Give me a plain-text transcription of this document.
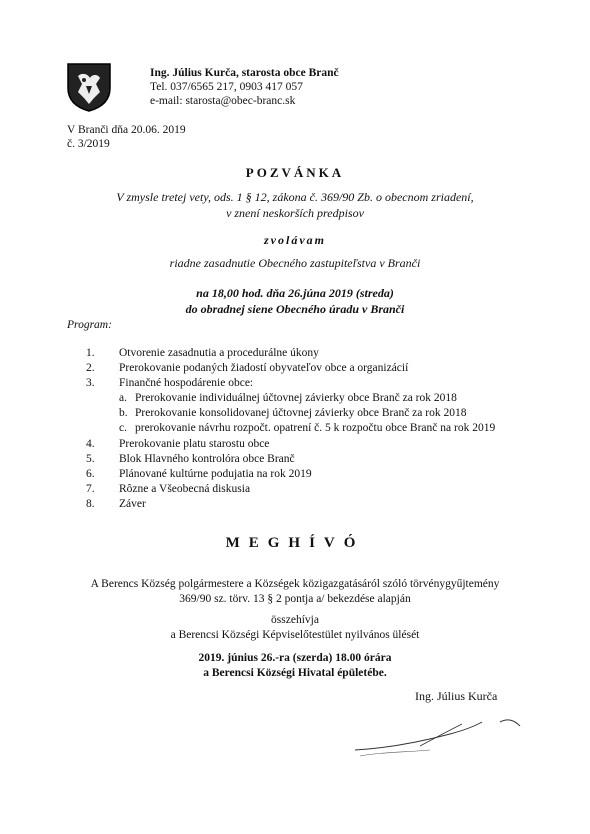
Ing. Július Kurča, starosta obce Branč
Tel. 037/6565 217, 0903 417 057
e-mail: starosta@obec-branc.sk
V Branči dňa 20.06. 2019
č. 3/2019
POZVÁNKA
V zmysle tretej vety, ods. 1 § 12, zákona č. 369/90 Zb. o obecnom zriadení,
v znení neskorších predpisov
zvolávam
riadne zasadnutie Obecného zastupiteľstva v Branči
na 18,00 hod. dňa 26.júna 2019 (streda)
do obradnej siene Obecného úradu v Branči
Program:
1. Otvorenie zasadnutia a procedurálne úkony
2. Prerokovanie podaných žiadostí obyvateľov obce a organizácií
3. Finančné hospodárenie obce:
a. Prerokovanie individuálnej účtovnej závierky obce Branč za rok 2018
b. Prerokovanie konsolidovanej účtovnej závierky obce Branč za rok 2018
c. prerokovanie návrhu rozpočt. opatrení č. 5 k rozpočtu obce Branč na rok 2019
4. Prerokovanie platu starostu obce
5. Blok Hlavného kontrolóra obce Branč
6. Plánované kultúrne podujatia na rok 2019
7. Rôzne a Všeobecná diskusia
8. Záver
MEGHÍVÓ
A Berencs Község polgármestere a Községek közigazgatásáról szóló törvénygyűjtemény
369/90 sz. törv. 13 § 2 pontja a/ bekezdése alapján
összehívja
a Berencsi Községi Képviselőtestület nyilvános ülését
2019. június 26.-ra (szerda) 18.00 órára
a Berencsi Községi Hivatal épületébe.
Ing. Július Kurča
